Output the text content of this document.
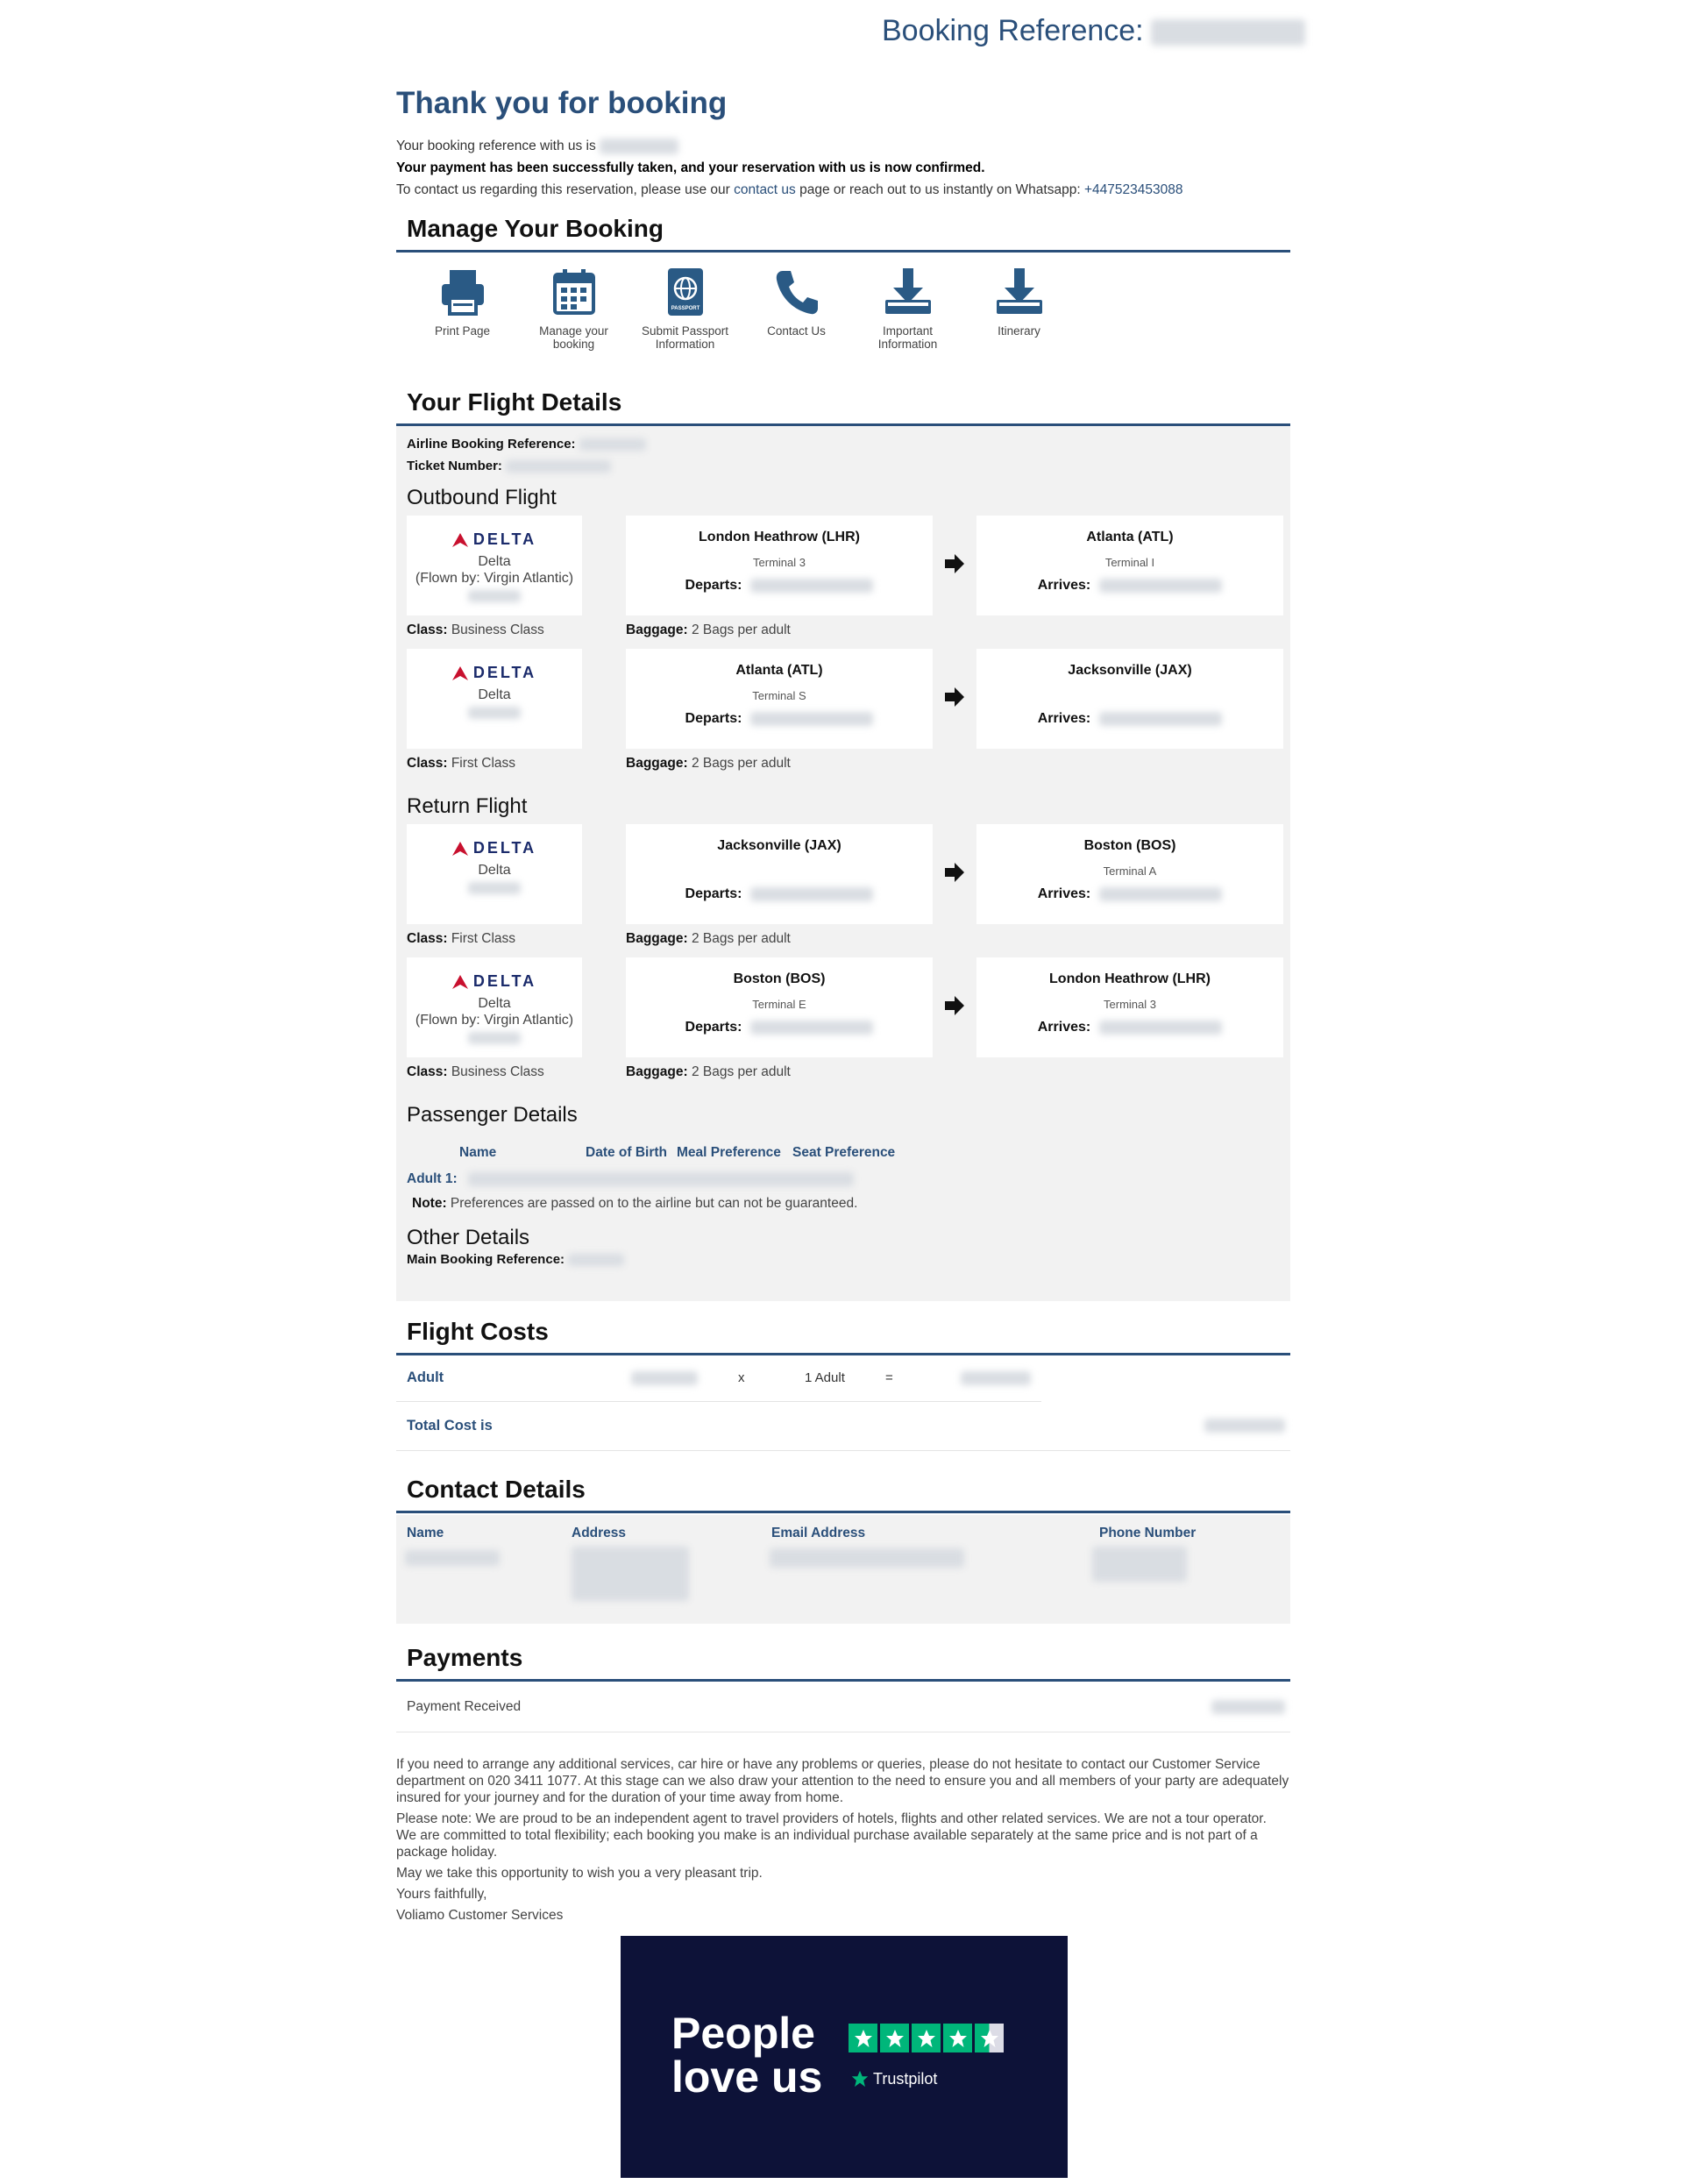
Booking Reference:
Thank you for booking
Your booking reference with us is
Your payment has been successfully taken, and your reservation with us is now confirmed.
To contact us regarding this reservation, please use our contact us page or reach out to us instantly on Whatsapp: +447523453088
Manage Your Booking
Print Page	Manage your booking
PASSPORT
Submit Passport Information
Contact Us	Important Information
Itinerary
Your Flight Details
Airline Booking Reference:
Ticket Number:
Outbound Flight
DELTA
Delta
(Flown by: Virgin Atlantic)
London Heathrow (LHR)
Terminal 3
Departs:
Atlanta (ATL)
Terminal I
Arrives:
Class: Business Class	Baggage: 2 Bags per adult
DELTA
Delta
Atlanta (ATL)
Terminal S
Departs:
Jacksonville (JAX)
Arrives:
Class: First Class	Baggage: 2 Bags per adult
Return Flight
DELTA
Delta
Jacksonville (JAX)
Departs:
Boston (BOS)
Terminal A
Arrives:
Class: First Class	Baggage: 2 Bags per adult
DELTA
Delta
(Flown by: Virgin Atlantic)
Boston (BOS)
Terminal E
Departs:
London Heathrow (LHR)
Terminal 3
Arrives:
Class: Business Class	Baggage: 2 Bags per adult
Passenger Details
Other Details
Main Booking Reference:
Name	Date of Birth Meal Preference Seat Preference
Adult 1:
Note: Preferences are passed on to the airline but can not be guaranteed.
Flight Costs
Adult	x	1 Adult	=
Total Cost is
Contact Details
Name	Address	Email Address	Phone Number
Payments
Payment Received

If you need to arrange any additional services, car hire or have any problems or queries, please do not hesitate to contact our Customer Service department on 020 3411 1077. At this stage can we also draw your attention to the need to ensure you and all members of your party are adequately insured for your journey and for the duration of your time away from home.

Please note: We are proud to be an independent agent to travel providers of hotels, flights and other related services. We are not a tour operator. We are committed to total flexibility; each booking you make is an individual purchase available separately at the same price and is not part of a package holiday.

May we take this opportunity to wish you a very pleasant trip.

Yours faithfully,

Voliamo Customer Services

People
love us	Trustpilot
